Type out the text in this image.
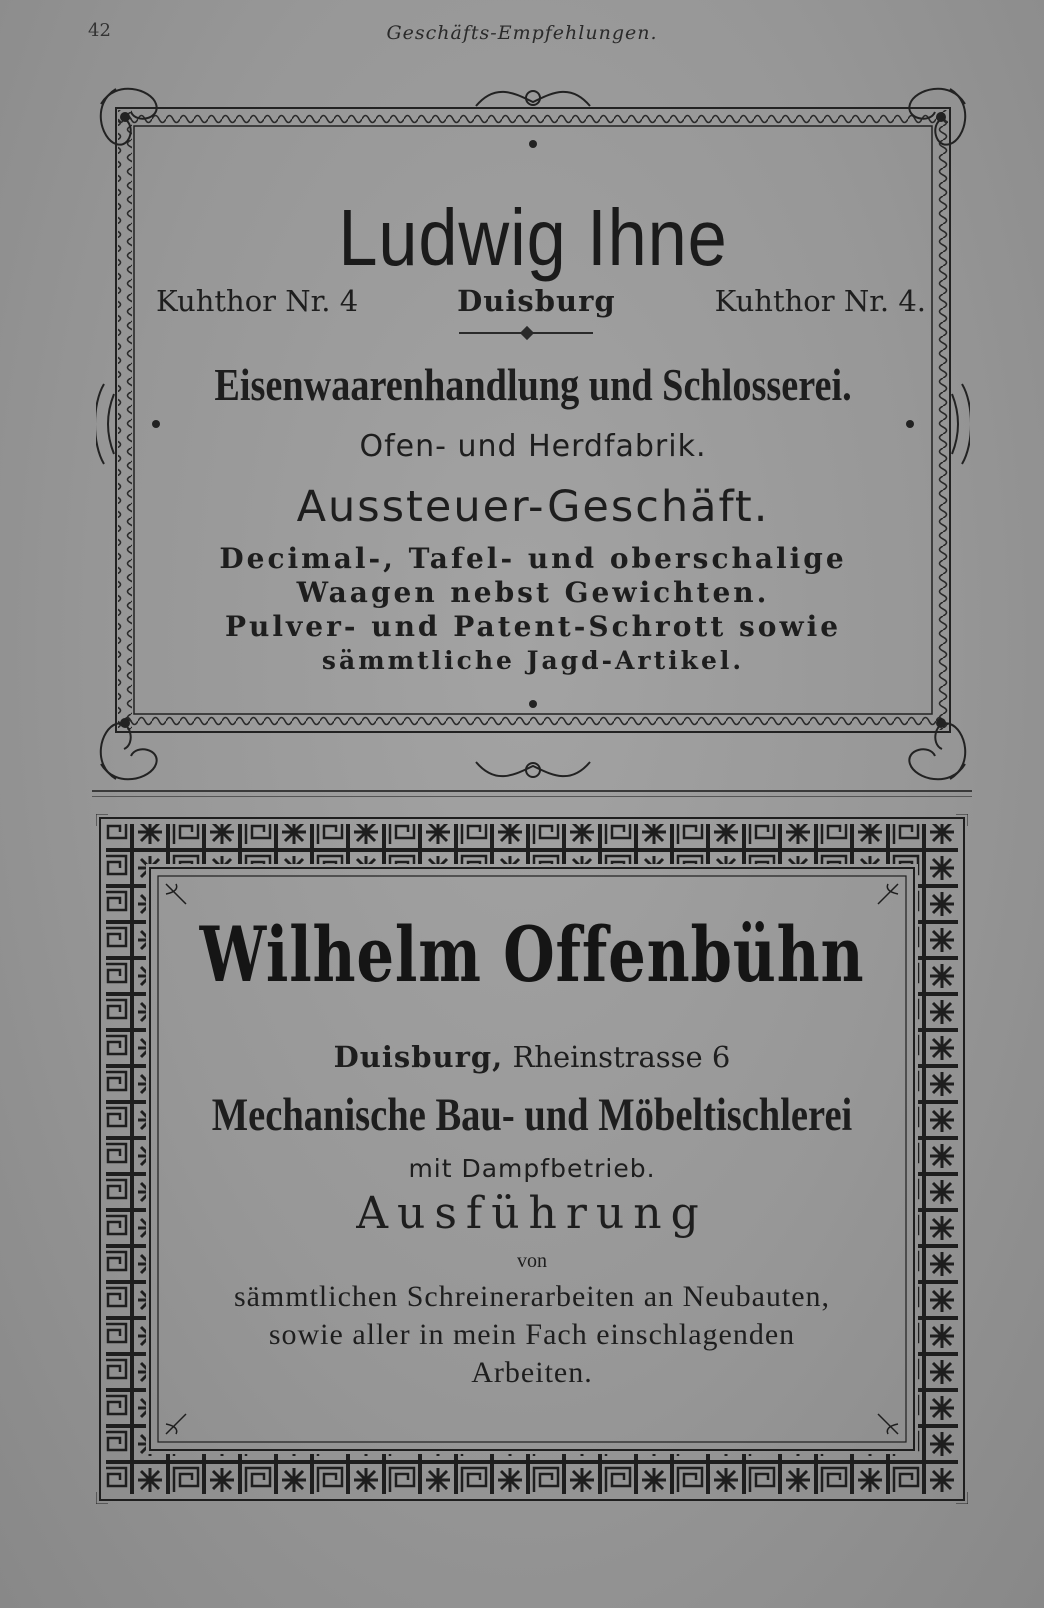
42	Geschäfts-Empfehlungen.
Ludwig Ihne
Kuhthor Nr. 4	Duisburg	Kuhthor Nr. 4.
Eisenwaarenhandlung und Schlosserei.
Ofen- und Herdfabrik.
Aussteuer-Geschäft.
Decimal-, Tafel- und oberschalige
Waagen nebst Gewichten.
Pulver- und Patent-Schrott sowie
sämmtliche Jagd-Artikel.
Wilhelm Offenbühn
Duisburg, Rheinstrasse 6
Mechanische Bau- und Möbeltischlerei
mit Dampfbetrieb.
Ausführung
von
sämmtlichen Schreinerarbeiten an Neubauten,
sowie aller in mein Fach einschlagenden
Arbeiten.
